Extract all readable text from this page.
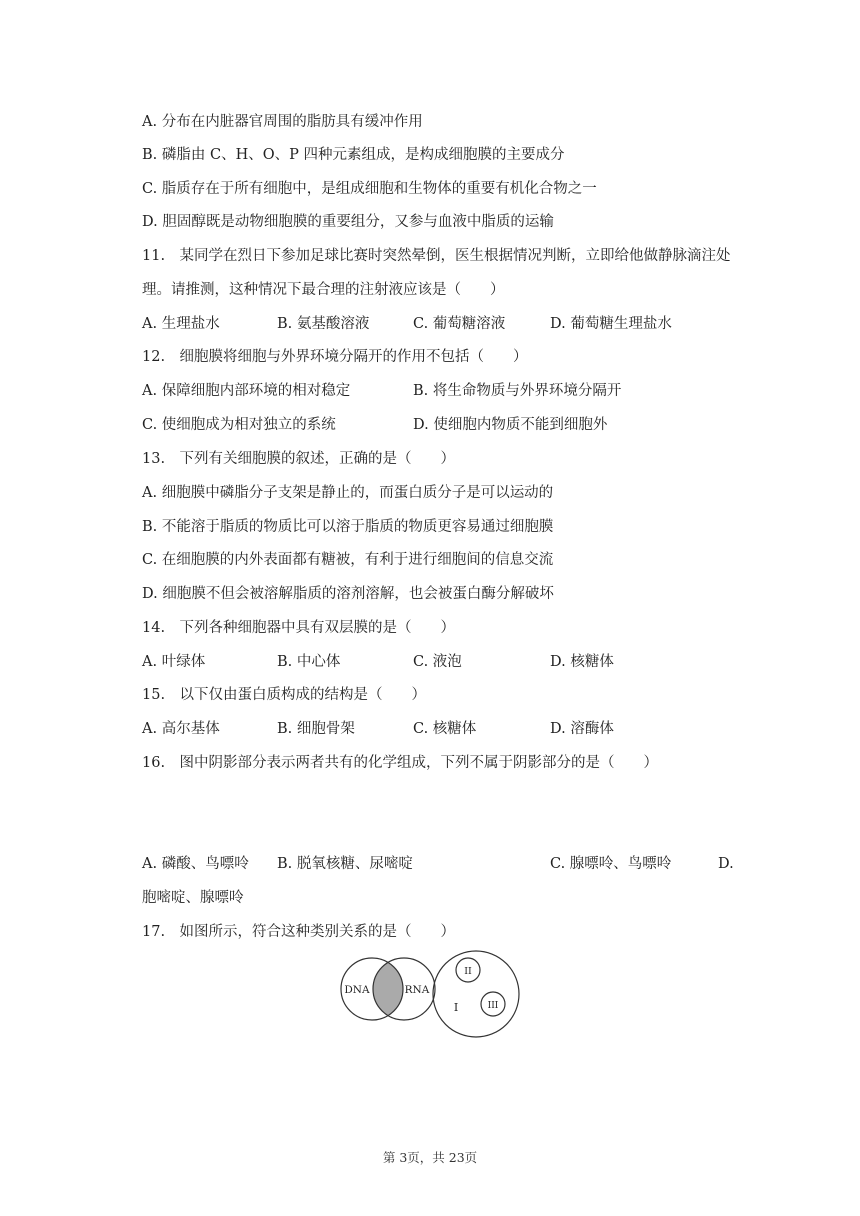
A. 分布在内脏器官周围的脂肪具有缓冲作用
B. 磷脂由 C、H、O、P 四种元素组成，是构成细胞膜的主要成分
C. 脂质存在于所有细胞中，是组成细胞和生物体的重要有机化合物之一
D. 胆固醇既是动物细胞膜的重要组分，又参与血液中脂质的运输
11.　某同学在烈日下参加足球比赛时突然晕倒，医生根据情况判断，立即给他做静脉滴注处
理。请推测，这种情况下最合理的注射液应该是（　　）
A. 生理盐水	B. 氨基酸溶液	C. 葡萄糖溶液	D. 葡萄糖生理盐水
12.　细胞膜将细胞与外界环境分隔开的作用不包括（　　）
A. 保障细胞内部环境的相对稳定	B. 将生命物质与外界环境分隔开
C. 使细胞成为相对独立的系统	D. 使细胞内物质不能到细胞外
13.　下列有关细胞膜的叙述，正确的是（　　）
A. 细胞膜中磷脂分子支架是静止的，而蛋白质分子是可以运动的
B. 不能溶于脂质的物质比可以溶于脂质的物质更容易通过细胞膜
C. 在细胞膜的内外表面都有糖被，有利于进行细胞间的信息交流
D. 细胞膜不但会被溶解脂质的溶剂溶解，也会被蛋白酶分解破坏
14.　下列各种细胞器中具有双层膜的是（　　）
A. 叶绿体	B. 中心体	C. 液泡	D. 核糖体
15.　以下仅由蛋白质构成的结构是（　　）
A. 高尔基体	B. 细胞骨架	C. 核糖体	D. 溶酶体
16.　图中阴影部分表示两者共有的化学组成，下列不属于阴影部分的是（　　）
A. 磷酸、鸟嘌呤 B. 脱氧核糖、尿嘧啶	C. 腺嘌呤、鸟嘌呤	D.
胞嘧啶、腺嘌呤
17.　如图所示，符合这种类别关系的是（　　）
DNA	RNA
I
II
III
第 3页，共 23页
